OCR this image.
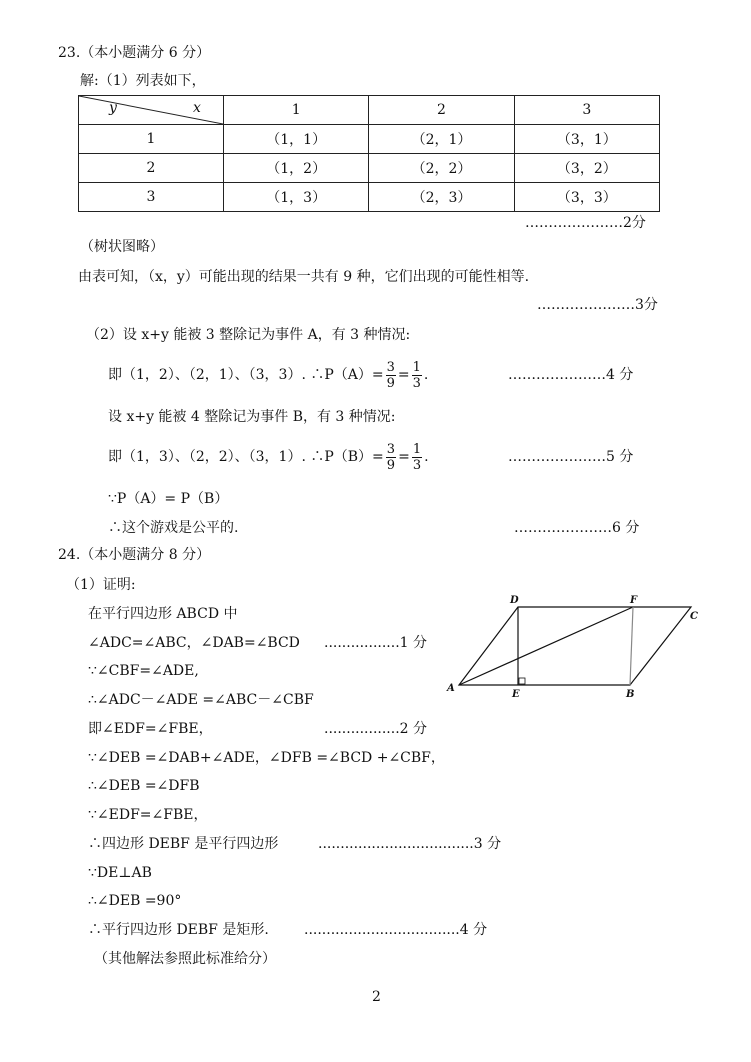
23.（本小题满分 6 分）
解:（1）列表如下，
y x	1	2	3
1	（1，1）	（2，1）	（3，1）
2	（1，2）	（2，2）	（3，2）
3	（1，3）	（2，3）	（3，3）
…………………2分
（树状图略）
由表可知，（x，y）可能出现的结果一共有 9 种，它们出现的可能性相等.
…………………3分
（2）设 x+y 能被 3 整除记为事件 A，有 3 种情况:
即（1，2）、（2，1）、（3，3）. ∴P（A）= $\frac{3}{9} = \frac{1}{3}$ .	…………………4 分
设 x+y 能被 4 整除记为事件 B，有 3 种情况:
即（1，3）、（2，2）、（3，1）. ∴P（B）= $\frac{3}{9} = \frac{1}{3}$ .	…………………5 分
∵P（A）= P（B）
∴这个游戏是公平的.	…………………6 分
24.（本小题满分 8 分）
（1）证明:
在平行四边形 ABCD 中
∠ADC=∠ABC，∠DAB=∠BCD .................1 分
∵∠CBF=∠ADE,
∴∠ADC－∠ADE =∠ABC－∠CBF
即∠EDF=∠FBE，	.................2 分
∵∠DEB =∠DAB+∠ADE，∠DFB =∠BCD +∠CBF，
∴∠DEB =∠DFB
∵∠EDF=∠FBE，
∴四边形 DEBF 是平行四边形	...................................3 分
∵DE⊥AB
∴∠DEB =90°
∴平行四边形 DEBF 是矩形.	...................................4 分
（其他解法参照此标准给分）
D	F
C
A
E	B
2
